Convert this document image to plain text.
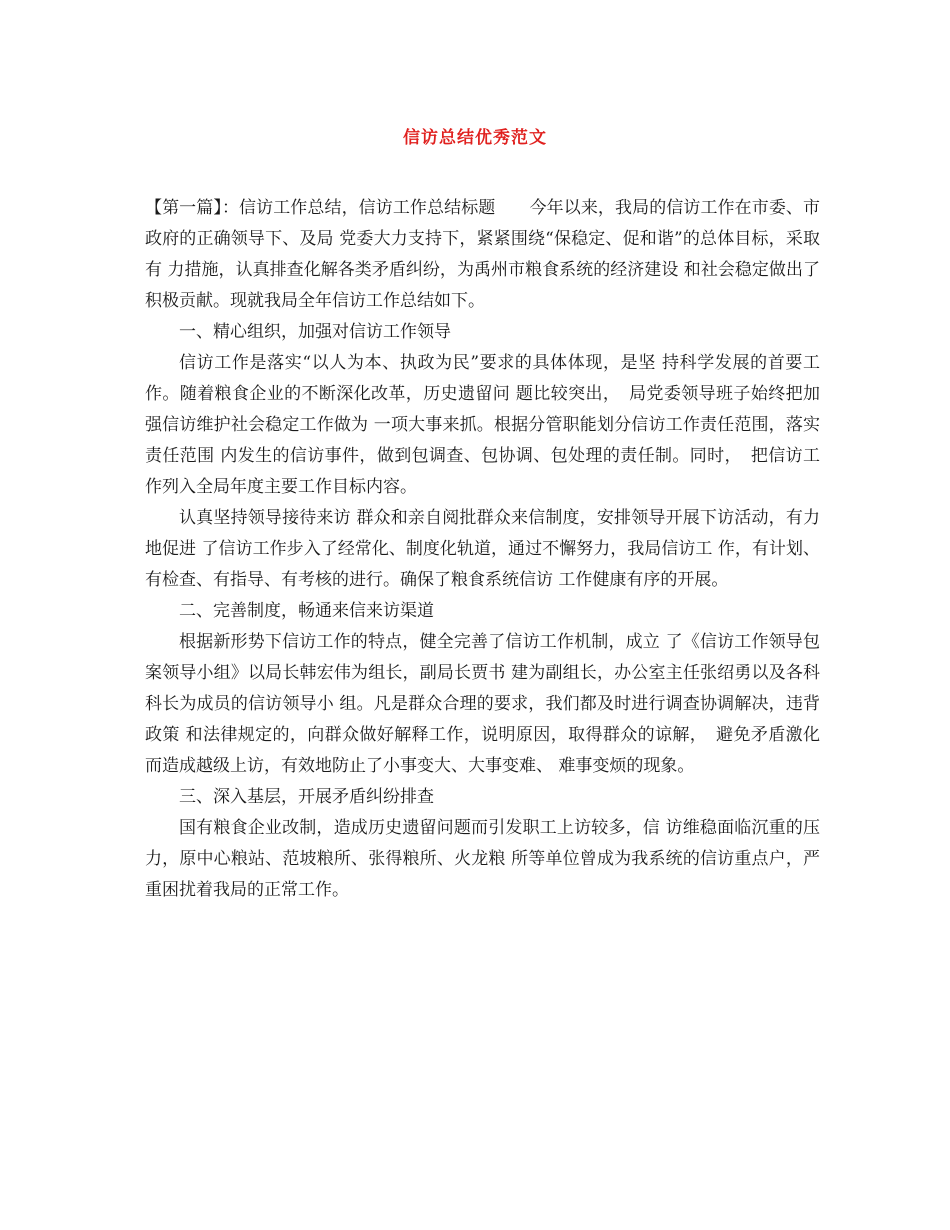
信访总结优秀范文

【第一篇】：信访工作总结，信访工作总结标题　　今年以来，我局的信访工作在市委、市政府的正确领导下、及局 党委大力支持下，紧紧围绕“保稳定、促和谐”的总体目标，采取有 力措施，认真排查化解各类矛盾纠纷，为禹州市粮食系统的经济建设 和社会稳定做出了积极贡献。现就我局全年信访工作总结如下。

一、精心组织，加强对信访工作领导

信访工作是落实“以人为本、执政为民”要求的具体体现，是坚 持科学发展的首要工作。随着粮食企业的不断深化改革，历史遗留问 题比较突出，　局党委领导班子始终把加强信访维护社会稳定工作做为 一项大事来抓。根据分管职能划分信访工作责任范围，落实责任范围 内发生的信访事件，做到包调查、包协调、包处理的责任制。同时，　把信访工作列入全局年度主要工作目标内容。

认真坚持领导接待来访 群众和亲自阅批群众来信制度，安排领导开展下访活动，有力地促进 了信访工作步入了经常化、制度化轨道，通过不懈努力，我局信访工 作，有计划、有检查、有指导、有考核的进行。确保了粮食系统信访 工作健康有序的开展。

二、完善制度，畅通来信来访渠道

根据新形势下信访工作的特点，健全完善了信访工作机制，成立 了《信访工作领导包案领导小组》以局长韩宏伟为组长，副局长贾书 建为副组长，办公室主任张绍勇以及各科科长为成员的信访领导小 组。凡是群众合理的要求，我们都及时进行调查协调解决，违背政策 和法律规定的，向群众做好解释工作，说明原因，取得群众的谅解，　避免矛盾激化而造成越级上访，有效地防止了小事变大、大事变难、 难事变烦的现象。

三、深入基层，开展矛盾纠纷排查

国有粮食企业改制，造成历史遗留问题而引发职工上访较多，信 访维稳面临沉重的压力，原中心粮站、范坡粮所、张得粮所、火龙粮 所等单位曾成为我系统的信访重点户，严重困扰着我局的正常工作。
